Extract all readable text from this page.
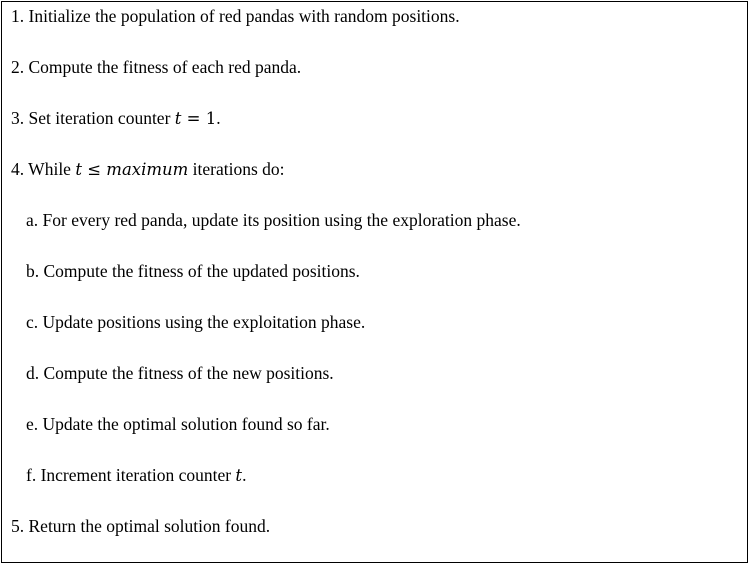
1. Initialize the population of red pandas with random positions.
2. Compute the fitness of each red panda.
3. Set iteration counter t = 1.
4. While t ≤ maximum iterations do:
a. For every red panda, update its position using the exploration phase.
b. Compute the fitness of the updated positions.
c. Update positions using the exploitation phase.
d. Compute the fitness of the new positions.
e. Update the optimal solution found so far.
f. Increment iteration counter t.
5. Return the optimal solution found.
